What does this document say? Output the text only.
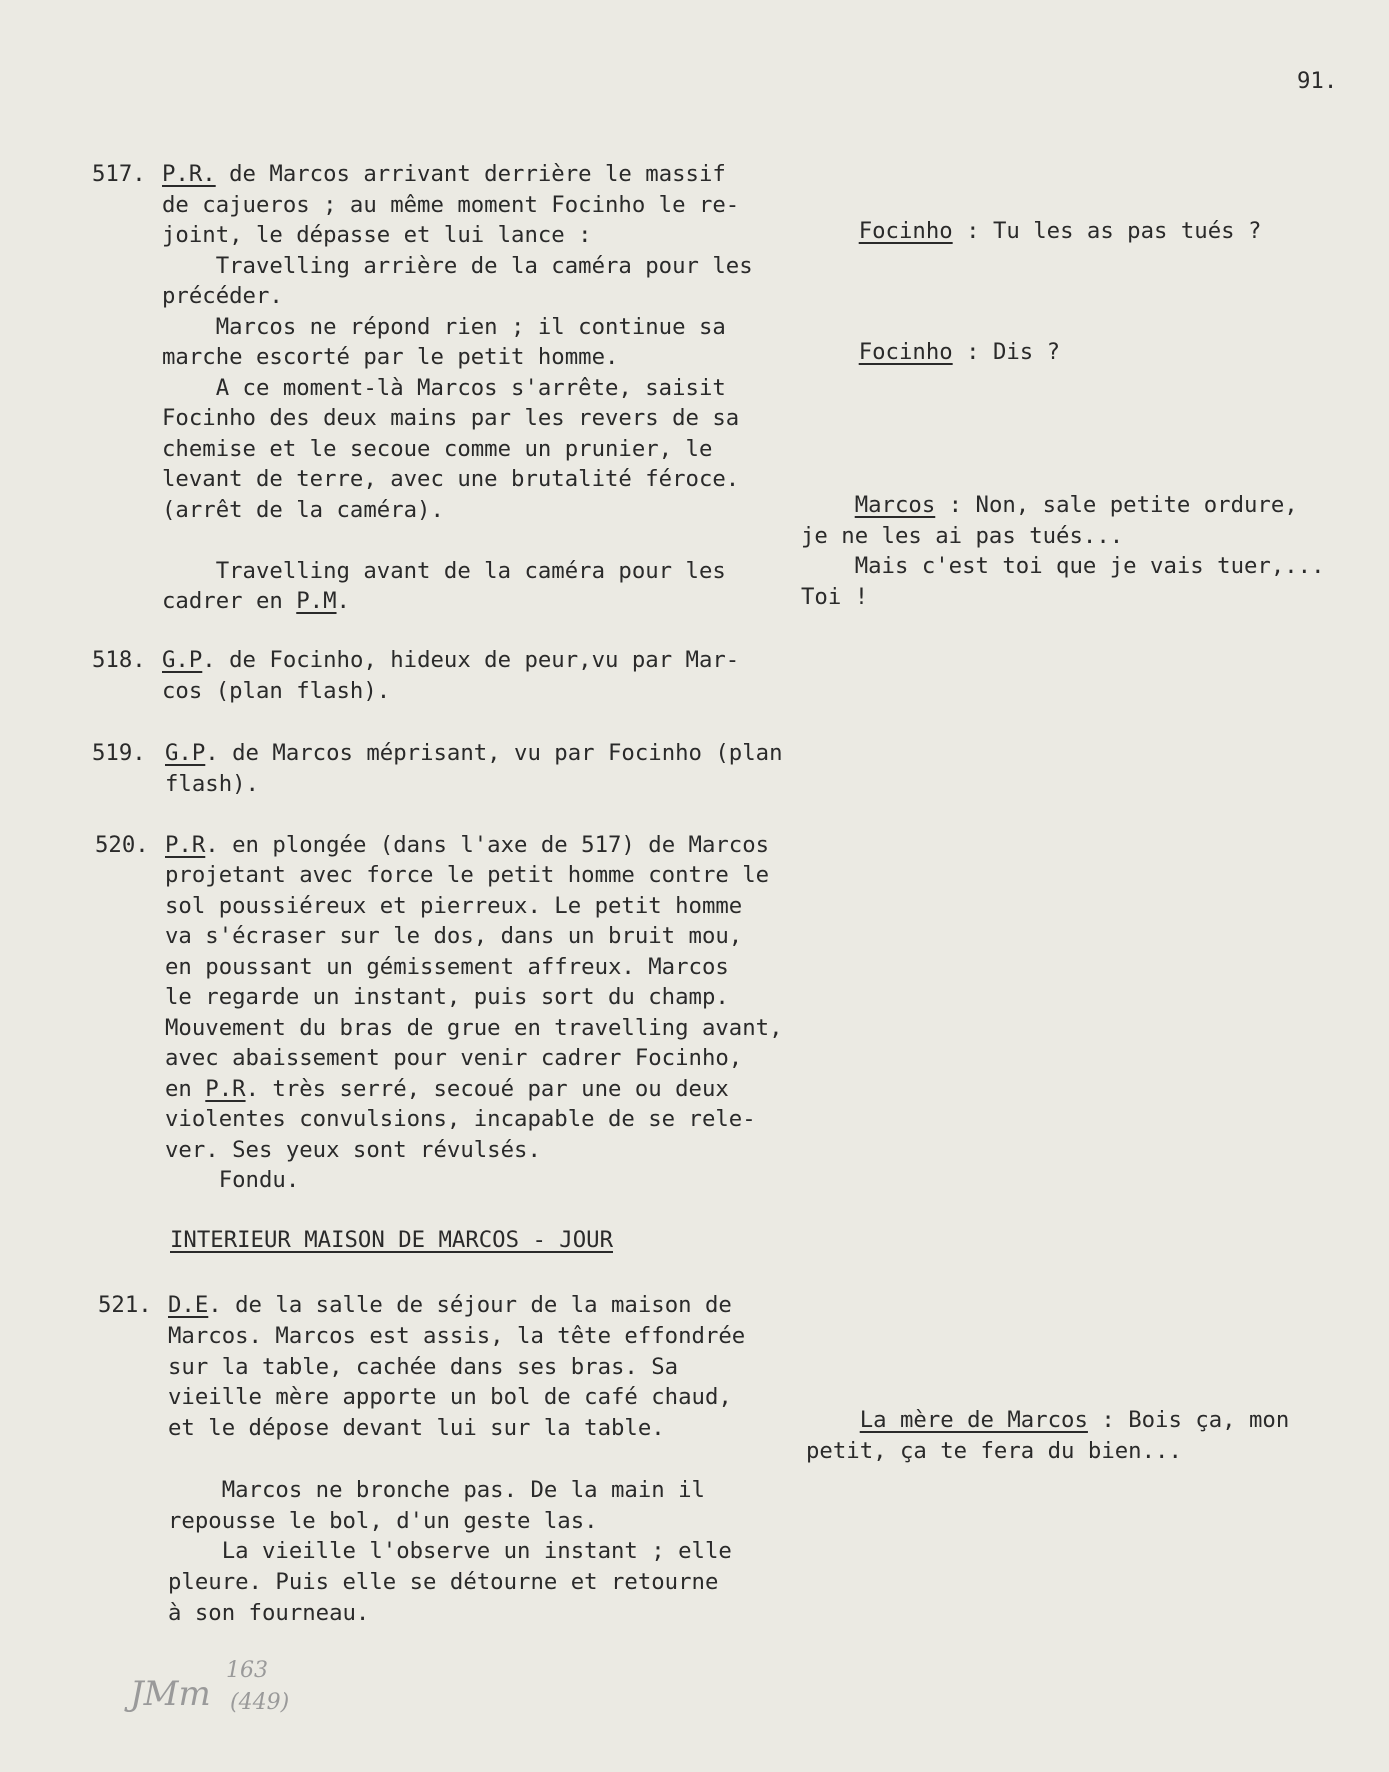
91.
517. P.R. de Marcos arrivant derrière le massif
de cajueros ; au même moment Focinho le re-
joint, le dépasse et lui lance :
Travelling arrière de la caméra pour les
précéder.
Marcos ne répond rien ; il continue sa
marche escorté par le petit homme.
A ce moment-là Marcos s'arrête, saisit
Focinho des deux mains par les revers de sa
chemise et le secoue comme un prunier, le
levant de terre, avec une brutalité féroce.
(arrêt de la caméra).
Travelling avant de la caméra pour les
cadrer en P.M.
518. G.P. de Focinho, hideux de peur,vu par Mar-
cos (plan flash).
519. G.P. de Marcos méprisant, vu par Focinho (plan
flash).
520. P.R. en plongée (dans l'axe de 517) de Marcos
projetant avec force le petit homme contre le
sol poussiéreux et pierreux. Le petit homme
va s'écraser sur le dos, dans un bruit mou,
en poussant un gémissement affreux. Marcos
le regarde un instant, puis sort du champ.
Mouvement du bras de grue en travelling avant,
avec abaissement pour venir cadrer Focinho,
en P.R. très serré, secoué par une ou deux
violentes convulsions, incapable de se rele-
ver. Ses yeux sont révulsés.
Fondu.
INTERIEUR MAISON DE MARCOS - JOUR
521. D.E. de la salle de séjour de la maison de
Marcos. Marcos est assis, la tête effondrée
sur la table, cachée dans ses bras. Sa
vieille mère apporte un bol de café chaud,
et le dépose devant lui sur la table.
Marcos ne bronche pas. De la main il
repousse le bol, d'un geste las.
La vieille l'observe un instant ; elle
pleure. Puis elle se détourne et retourne
à son fourneau.
Focinho : Tu les as pas tués ?
Focinho : Dis ?
Marcos : Non, sale petite ordure,
je ne les ai pas tués...
Mais c'est toi que je vais tuer,...
Toi !
La mère de Marcos : Bois ça, mon
petit, ça te fera du bien...
JMm
163
(449)
